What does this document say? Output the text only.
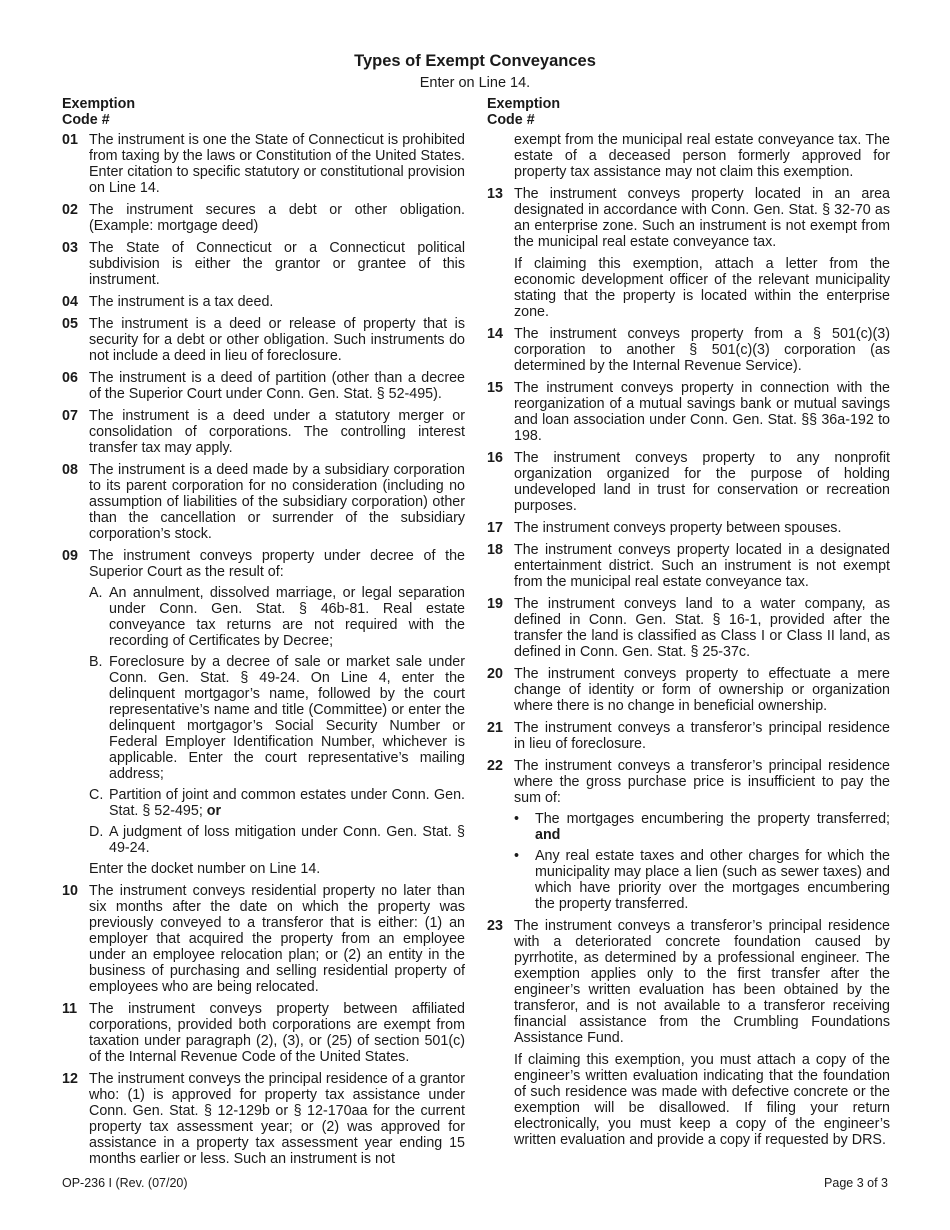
Types of Exempt Conveyances
Enter on Line 14.
Exemption
Code #
01 The instrument is one the State of Connecticut is prohibited from taxing by the laws or Constitution of the United States. Enter citation to specific statutory or constitutional provision on Line 14.
02 The instrument secures a debt or other obligation. (Example: mortgage deed)
03 The State of Connecticut or a Connecticut political subdivision is either the grantor or grantee of this instrument.
04 The instrument is a tax deed.
05 The instrument is a deed or release of property that is security for a debt or other obligation. Such instruments do not include a deed in lieu of foreclosure.
06 The instrument is a deed of partition (other than a decree of the Superior Court under Conn. Gen. Stat. § 52-495).
07 The instrument is a deed under a statutory merger or consolidation of corporations. The controlling interest transfer tax may apply.
08 The instrument is a deed made by a subsidiary corporation to its parent corporation for no consideration (including no assumption of liabilities of the subsidiary corporation) other than the cancellation or surrender of the subsidiary corporation’s stock.
09 The instrument conveys property under decree of the Superior Court as the result of:
A. An annulment, dissolved marriage, or legal separation under Conn. Gen. Stat. § 46b-81. Real estate conveyance tax returns are not required with the recording of Certificates by Decree;
B. Foreclosure by a decree of sale or market sale under Conn. Gen. Stat. § 49-24. On Line 4, enter the delinquent mortgagor’s name, followed by the court representative’s name and title (Committee) or enter the delinquent mortgagor’s Social Security Number or Federal Employer Identification Number, whichever is applicable. Enter the court representative’s mailing address;
C. Partition of joint and common estates under Conn. Gen. Stat. § 52-495; or
D. A judgment of loss mitigation under Conn. Gen. Stat. § 49-24.
Enter the docket number on Line 14.
10 The instrument conveys residential property no later than six months after the date on which the property was previously conveyed to a transferor that is either: (1) an employer that acquired the property from an employee under an employee relocation plan; or (2) an entity in the business of purchasing and selling residential property of employees who are being relocated.
11 The instrument conveys property between affiliated corporations, provided both corporations are exempt from taxation under paragraph (2), (3), or (25) of section 501(c) of the Internal Revenue Code of the United States.
12 The instrument conveys the principal residence of a grantor who: (1) is approved for property tax assistance under Conn. Gen. Stat. § 12-129b or § 12-170aa for the current property tax assessment year; or (2) was approved for assistance in a property tax assessment year ending 15 months earlier or less. Such an instrument is not
Exemption
Code #
exempt from the municipal real estate conveyance tax. The estate of a deceased person formerly approved for property tax assistance may not claim this exemption.
13 The instrument conveys property located in an area designated in accordance with Conn. Gen. Stat. § 32-70 as an enterprise zone. Such an instrument is not exempt from the municipal real estate conveyance tax.
If claiming this exemption, attach a letter from the economic development officer of the relevant municipality stating that the property is located within the enterprise zone.
14 The instrument conveys property from a § 501(c)(3) corporation to another § 501(c)(3) corporation (as determined by the Internal Revenue Service).
15 The instrument conveys property in connection with the reorganization of a mutual savings bank or mutual savings and loan association under Conn. Gen. Stat. §§ 36a-192 to 198.
16 The instrument conveys property to any nonprofit organization organized for the purpose of holding undeveloped land in trust for conservation or recreation purposes.
17 The instrument conveys property between spouses.
18 The instrument conveys property located in a designated entertainment district. Such an instrument is not exempt from the municipal real estate conveyance tax.
19 The instrument conveys land to a water company, as defined in Conn. Gen. Stat. § 16-1, provided after the transfer the land is classified as Class I or Class II land, as defined in Conn. Gen. Stat. § 25-37c.
20 The instrument conveys property to effectuate a mere change of identity or form of ownership or organization where there is no change in beneficial ownership.
21 The instrument conveys a transferor’s principal residence in lieu of foreclosure.
22 The instrument conveys a transferor’s principal residence where the gross purchase price is insufficient to pay the sum of:
•	The mortgages encumbering the property transferred; and
•	Any real estate taxes and other charges for which the municipality may place a lien (such as sewer taxes) and which have priority over the mortgages encumbering the property transferred.
23 The instrument conveys a transferor’s principal residence with a deteriorated concrete foundation caused by pyrrhotite, as determined by a professional engineer. The exemption applies only to the first transfer after the engineer’s written evaluation has been obtained by the transferor, and is not available to a transferor receiving financial assistance from the Crumbling Foundations Assistance Fund.
If claiming this exemption, you must attach a copy of the engineer’s written evaluation indicating that the foundation of such residence was made with defective concrete or the exemption will be disallowed. If filing your return electronically, you must keep a copy of the engineer’s written evaluation and provide a copy if requested by DRS.
OP-236 I (Rev. (07/20)	Page 3 of 3
